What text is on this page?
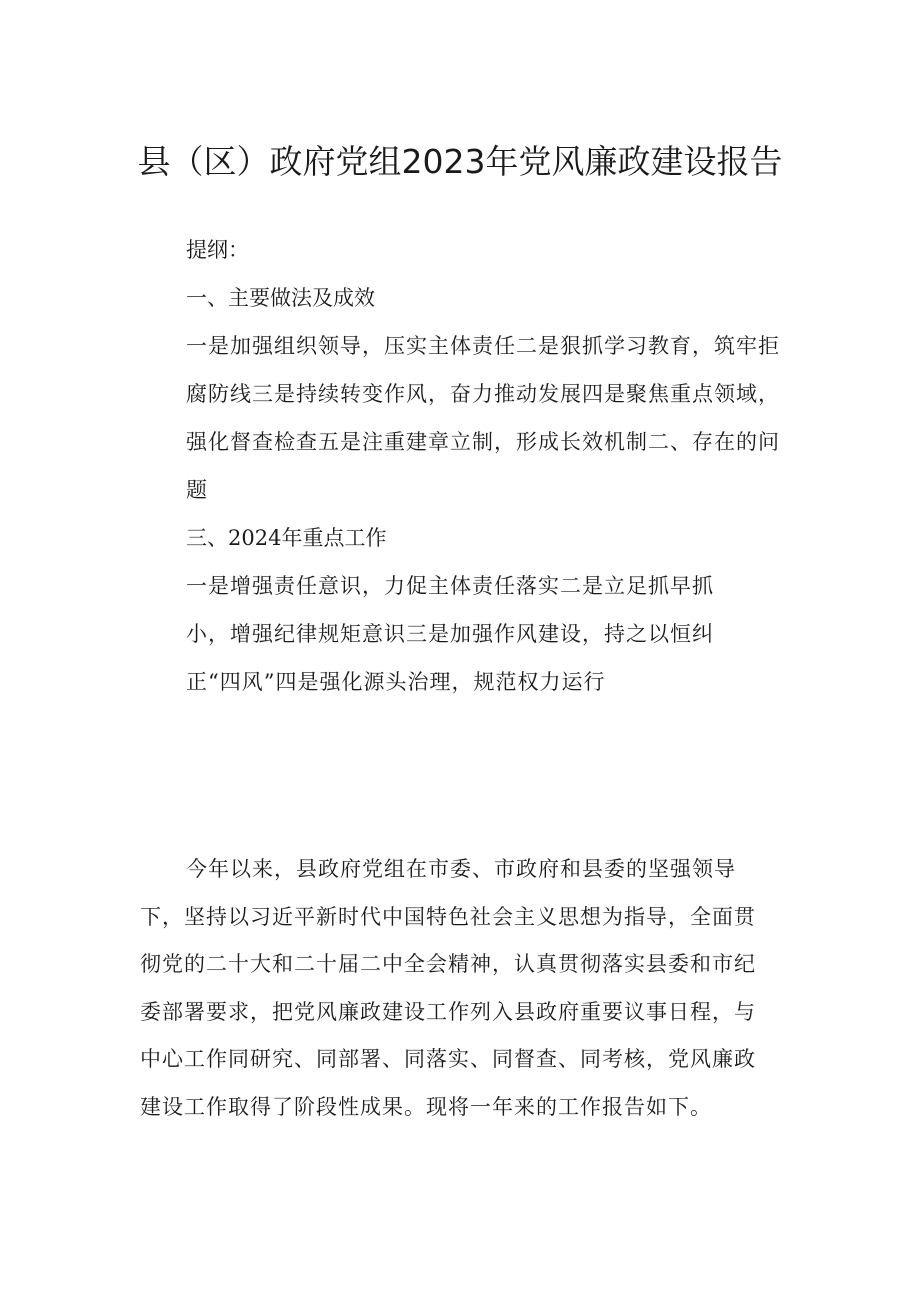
县（区）政府党组2023年党风廉政建设报告

提纲：

一、主要做法及成效

一是加强组织领导，压实主体责任二是狠抓学习教育，筑牢拒腐防线三是持续转变作风，奋力推动发展四是聚焦重点领域，强化督查检查五是注重建章立制，形成长效机制二、存在的问题

三、2024年重点工作

一是增强责任意识，力促主体责任落实二是立足抓早抓小，增强纪律规矩意识三是加强作风建设，持之以恒纠正“四风”四是强化源头治理，规范权力运行

今年以来，县政府党组在市委、市政府和县委的坚强领导下，坚持以习近平新时代中国特色社会主义思想为指导，全面贯彻党的二十大和二十届二中全会精神，认真贯彻落实县委和市纪委部署要求，把党风廉政建设工作列入县政府重要议事日程，与中心工作同研究、同部署、同落实、同督查、同考核，党风廉政建设工作取得了阶段性成果。现将一年来的工作报告如下。
